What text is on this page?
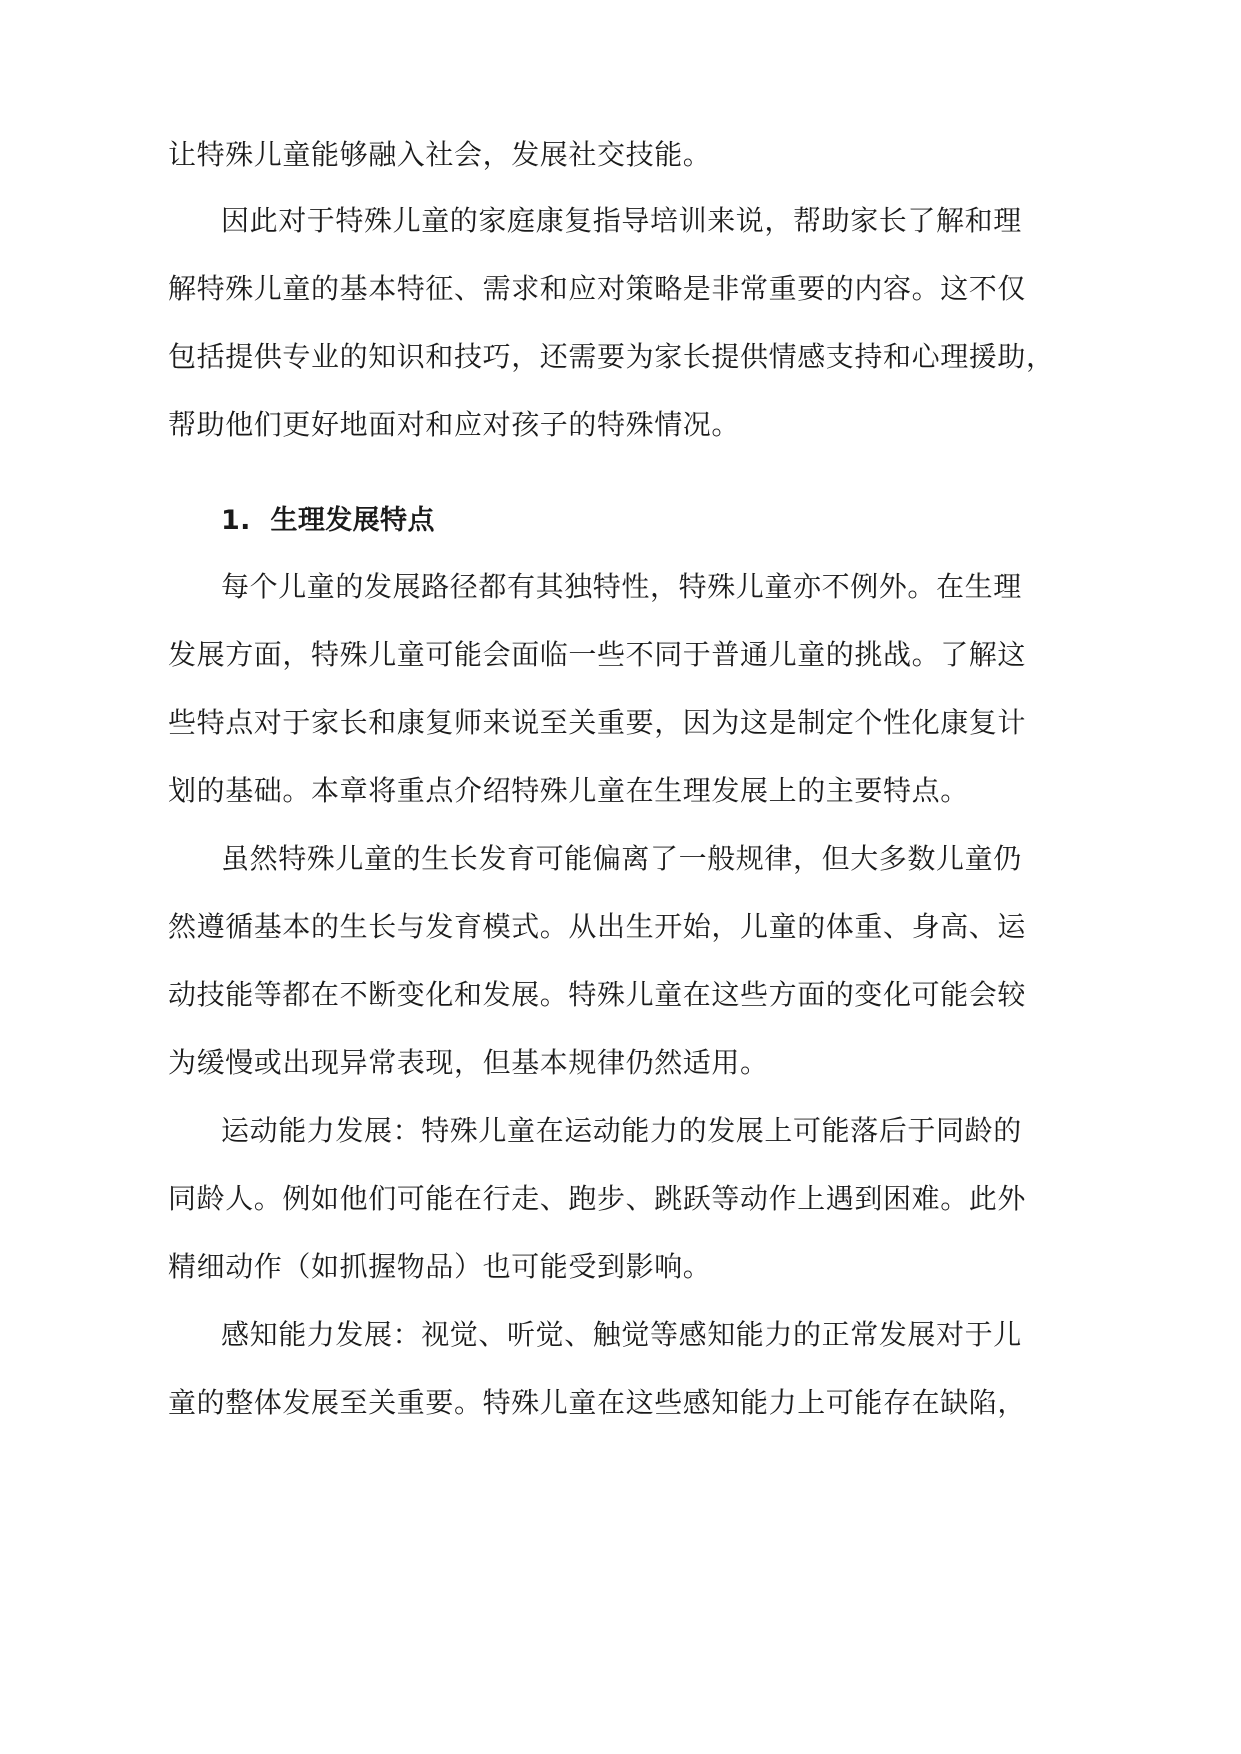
让特殊儿童能够融入社会，发展社交技能。
因此对于特殊儿童的家庭康复指导培训来说，帮助家长了解和理
解特殊儿童的基本特征、需求和应对策略是非常重要的内容。这不仅
包括提供专业的知识和技巧，还需要为家长提供情感支持和心理援助，
帮助他们更好地面对和应对孩子的特殊情况。
1.  生理发展特点
每个儿童的发展路径都有其独特性，特殊儿童亦不例外。在生理
发展方面，特殊儿童可能会面临一些不同于普通儿童的挑战。了解这
些特点对于家长和康复师来说至关重要，因为这是制定个性化康复计
划的基础。本章将重点介绍特殊儿童在生理发展上的主要特点。
虽然特殊儿童的生长发育可能偏离了一般规律，但大多数儿童仍
然遵循基本的生长与发育模式。从出生开始，儿童的体重、身高、运
动技能等都在不断变化和发展。特殊儿童在这些方面的变化可能会较
为缓慢或出现异常表现，但基本规律仍然适用。
运动能力发展：特殊儿童在运动能力的发展上可能落后于同龄的
同龄人。例如他们可能在行走、跑步、跳跃等动作上遇到困难。此外
精细动作（如抓握物品）也可能受到影响。
感知能力发展：视觉、听觉、触觉等感知能力的正常发展对于儿
童的整体发展至关重要。特殊儿童在这些感知能力上可能存在缺陷，
